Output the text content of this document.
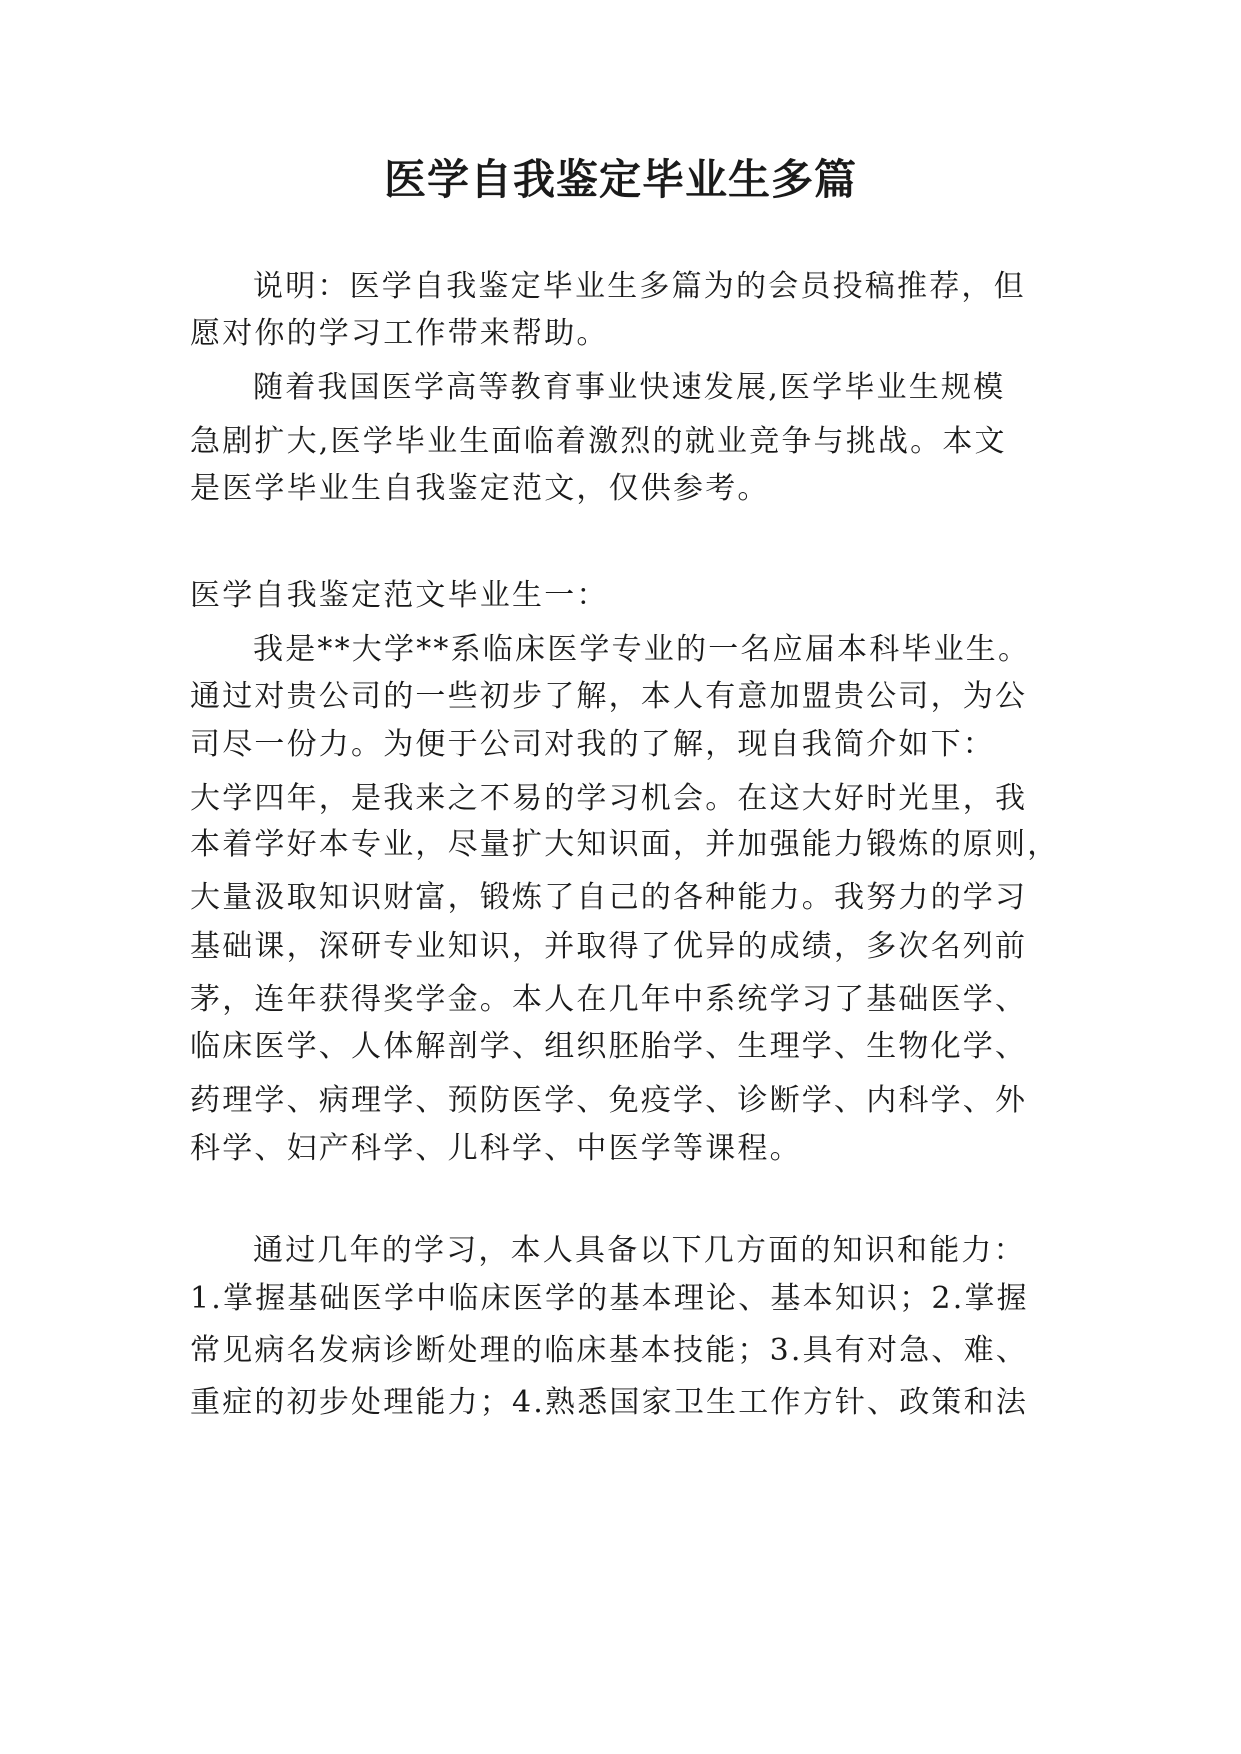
医学自我鉴定毕业生多篇
说明：医学自我鉴定毕业生多篇为的会员投稿推荐，但
愿对你的学习工作带来帮助。
随着我国医学高等教育事业快速发展,医学毕业生规模
急剧扩大,医学毕业生面临着激烈的就业竞争与挑战。本文
是医学毕业生自我鉴定范文，仅供参考。
医学自我鉴定范文毕业生一：
我是**大学**系临床医学专业的一名应届本科毕业生。
通过对贵公司的一些初步了解，本人有意加盟贵公司，为公
司尽一份力。为便于公司对我的了解，现自我简介如下：
大学四年，是我来之不易的学习机会。在这大好时光里，我
本着学好本专业，尽量扩大知识面，并加强能力锻炼的原则，
大量汲取知识财富，锻炼了自己的各种能力。我努力的学习
基础课，深研专业知识，并取得了优异的成绩，多次名列前
茅，连年获得奖学金。本人在几年中系统学习了基础医学、
临床医学、人体解剖学、组织胚胎学、生理学、生物化学、
药理学、病理学、预防医学、免疫学、诊断学、内科学、外
科学、妇产科学、儿科学、中医学等课程。
通过几年的学习，本人具备以下几方面的知识和能力：
1.掌握基础医学中临床医学的基本理论、基本知识；2.掌握
常见病名发病诊断处理的临床基本技能；3.具有对急、难、
重症的初步处理能力；4.熟悉国家卫生工作方针、政策和法
